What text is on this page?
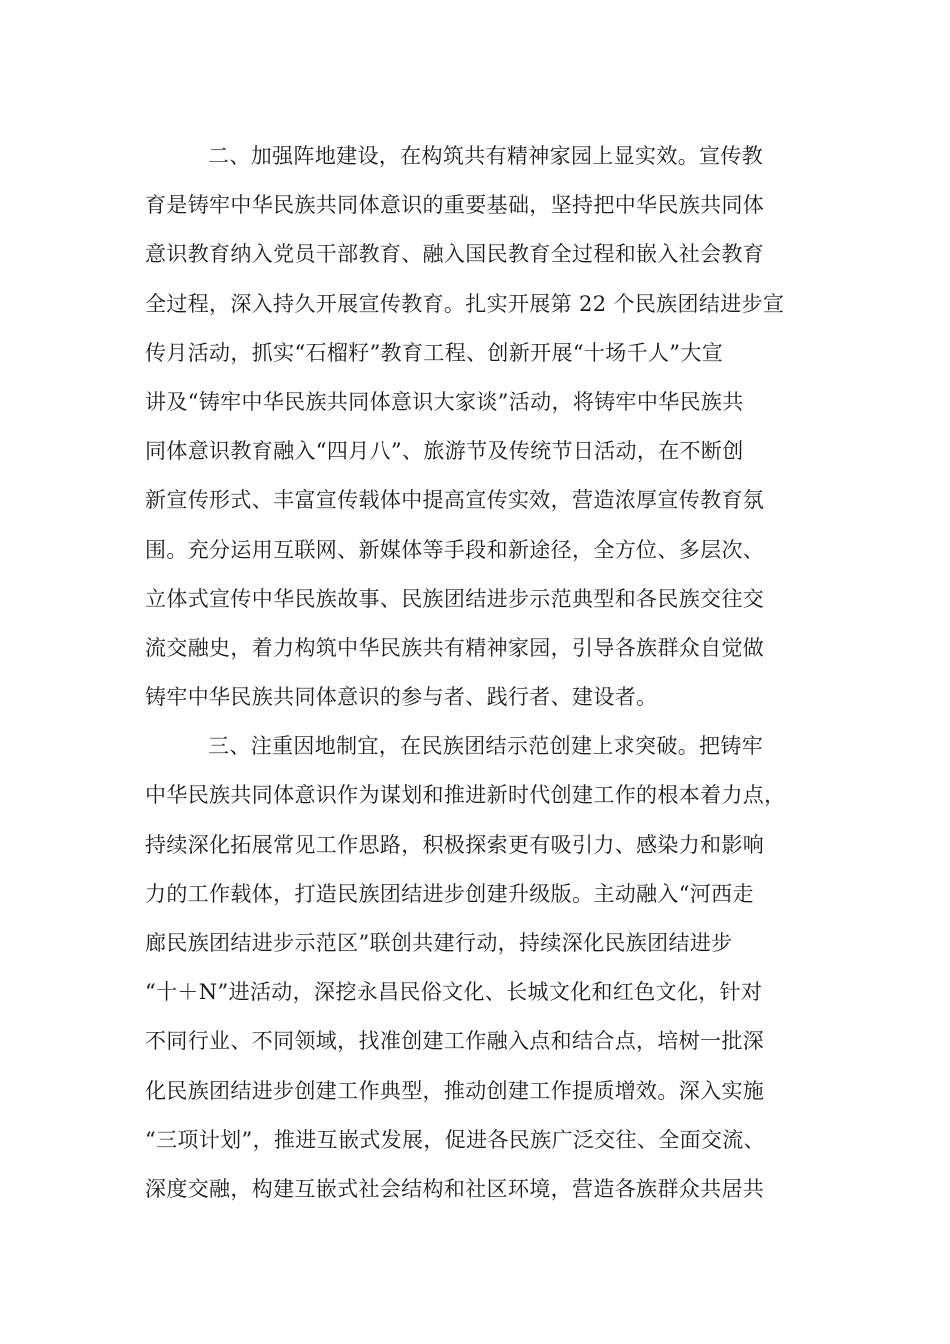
二、加强阵地建设，在构筑共有精神家园上显实效。宣传教
育是铸牢中华民族共同体意识的重要基础，坚持把中华民族共同体
意识教育纳入党员干部教育、融入国民教育全过程和嵌入社会教育
全过程，深入持久开展宣传教育。扎实开展第 22 个民族团结进步宣
传月活动，抓实“石榴籽”教育工程、创新开展“十场千人”大宣
讲及“铸牢中华民族共同体意识大家谈”活动，将铸牢中华民族共
同体意识教育融入“四月八”、旅游节及传统节日活动，在不断创
新宣传形式、丰富宣传载体中提高宣传实效，营造浓厚宣传教育氛
围。充分运用互联网、新媒体等手段和新途径，全方位、多层次、
立体式宣传中华民族故事、民族团结进步示范典型和各民族交往交
流交融史，着力构筑中华民族共有精神家园，引导各族群众自觉做
铸牢中华民族共同体意识的参与者、践行者、建设者。
三、注重因地制宜，在民族团结示范创建上求突破。把铸牢
中华民族共同体意识作为谋划和推进新时代创建工作的根本着力点，
持续深化拓展常见工作思路，积极探索更有吸引力、感染力和影响
力的工作载体，打造民族团结进步创建升级版。主动融入“河西走
廊民族团结进步示范区”联创共建行动，持续深化民族团结进步
“十＋N”进活动，深挖永昌民俗文化、长城文化和红色文化，针对
不同行业、不同领域，找准创建工作融入点和结合点，培树一批深
化民族团结进步创建工作典型，推动创建工作提质增效。深入实施
“三项计划”，推进互嵌式发展，促进各民族广泛交往、全面交流、
深度交融，构建互嵌式社会结构和社区环境，营造各族群众共居共
